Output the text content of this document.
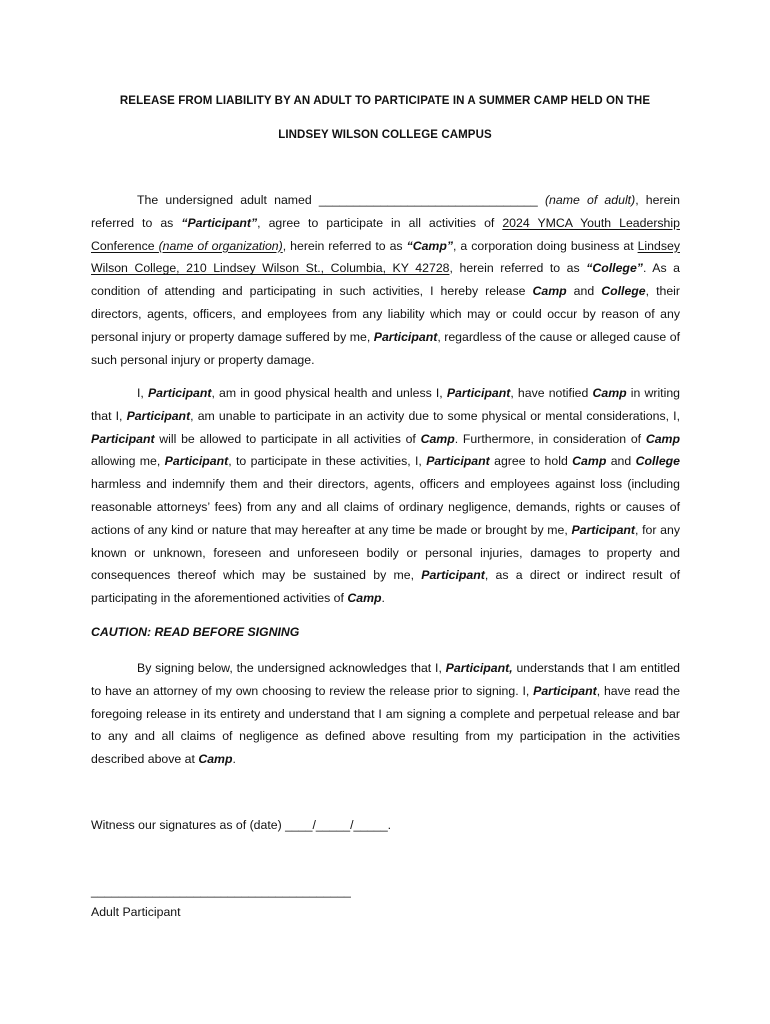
RELEASE FROM LIABILITY BY AN ADULT TO PARTICIPATE IN A SUMMER CAMP HELD ON THE
LINDSEY WILSON COLLEGE CAMPUS

The undersigned adult named ________________________________ (name of adult), herein referred to as “Participant”, agree to participate in all activities of 2024 YMCA Youth Leadership Conference (name of organization), herein referred to as “Camp”, a corporation doing business at Lindsey Wilson College, 210 Lindsey Wilson St., Columbia, KY 42728, herein referred to as “College”. As a condition of attending and participating in such activities, I hereby release Camp and College, their directors, agents, officers, and employees from any liability which may or could occur by reason of any personal injury or property damage suffered by me, Participant, regardless of the cause or alleged cause of such personal injury or property damage.

I, Participant, am in good physical health and unless I, Participant, have notified Camp in writing that I, Participant, am unable to participate in an activity due to some physical or mental considerations, I, Participant will be allowed to participate in all activities of Camp. Furthermore, in consideration of Camp allowing me, Participant, to participate in these activities, I, Participant agree to hold Camp and College harmless and indemnify them and their directors, agents, officers and employees against loss (including reasonable attorneys’ fees) from any and all claims of ordinary negligence, demands, rights or causes of actions of any kind or nature that may hereafter at any time be made or brought by me, Participant, for any known or unknown, foreseen and unforeseen bodily or personal injuries, damages to property and consequences thereof which may be sustained by me, Participant, as a direct or indirect result of participating in the aforementioned activities of Camp.

CAUTION: READ BEFORE SIGNING

By signing below, the undersigned acknowledges that I, Participant, understands that I am entitled to have an attorney of my own choosing to review the release prior to signing. I, Participant, have read the foregoing release in its entirety and understand that I am signing a complete and perpetual release and bar to any and all claims of negligence as defined above resulting from my participation in the activities described above at Camp.

Witness our signatures as of (date) ____/_____/_____.
______________________________________
Adult Participant
